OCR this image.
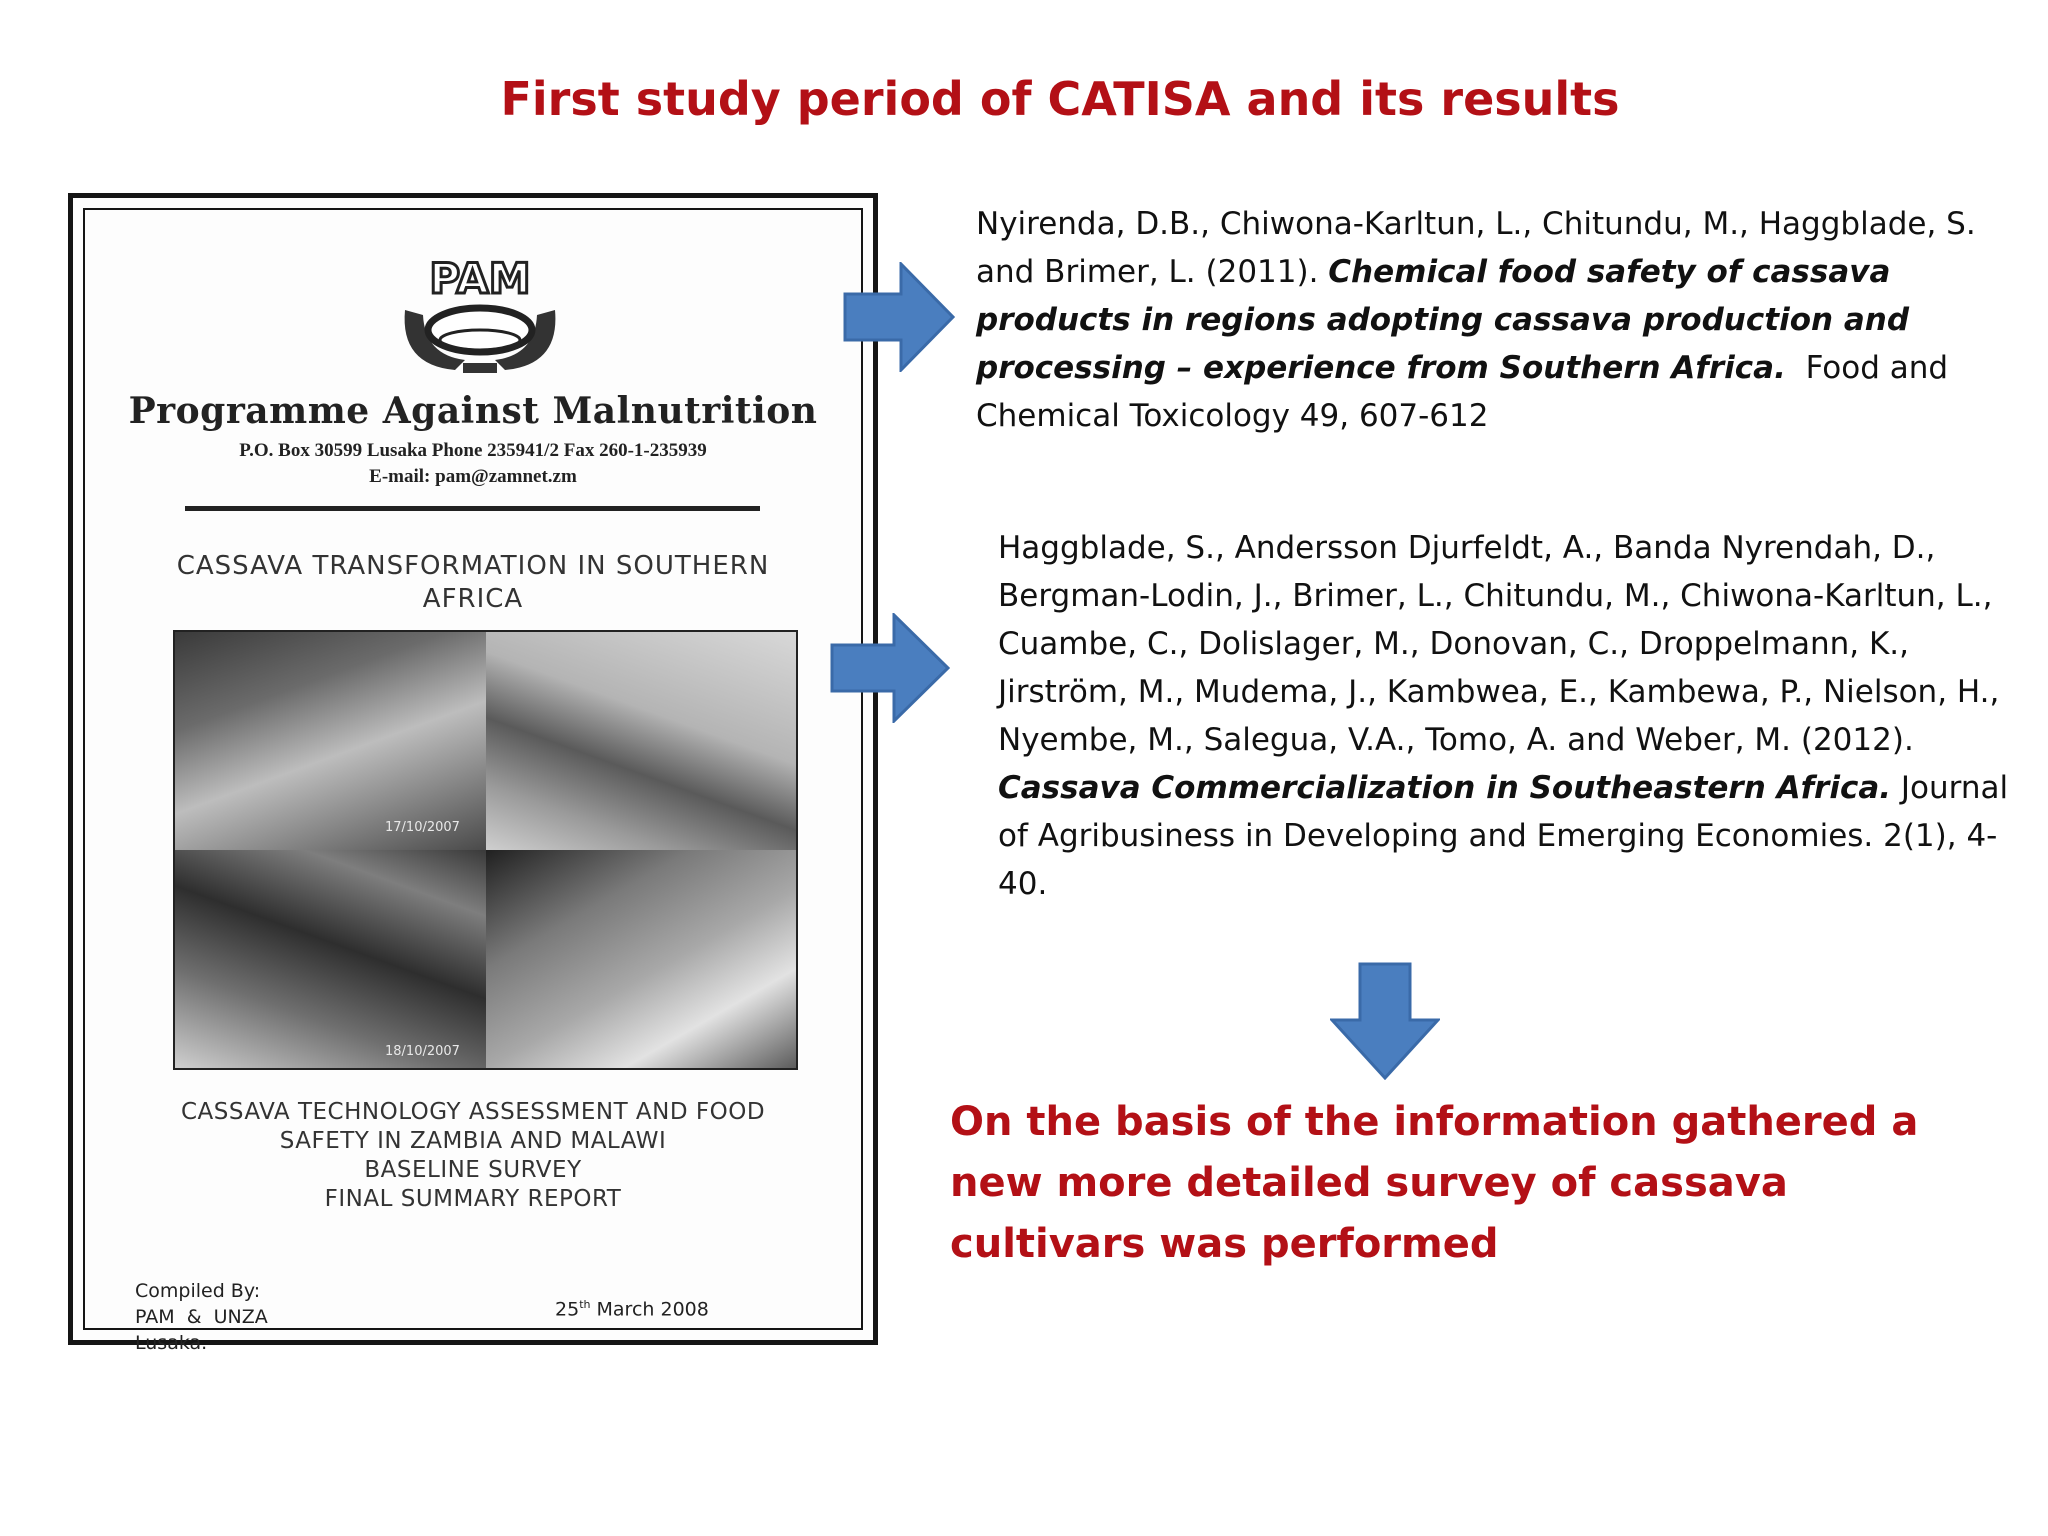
First study period of CATISA and its results
PAM
Programme Against Malnutrition
P.O. Box 30599 Lusaka Phone 235941/2 Fax 260-1-235939
E-mail: pam@zamnet.zm
CASSAVA TRANSFORMATION IN SOUTHERN
AFRICA
17/10/2007
18/10/2007
CASSAVA TECHNOLOGY ASSESSMENT AND FOOD
SAFETY IN ZAMBIA AND MALAWI
BASELINE SURVEY
FINAL SUMMARY REPORT
Compiled By:
PAM  &  UNZA
Lusaka.
25th March 2008
Nyirenda, D.B., Chiwona-Karltun, L., Chitundu, M., Haggblade, S. and Brimer, L. (2011). Chemical food safety of cassava products in regions adopting cassava production and processing – experience from Southern Africa.  Food and Chemical Toxicology 49, 607-612
Haggblade, S., Andersson Djurfeldt, A., Banda Nyrendah, D., Bergman-Lodin, J., Brimer, L., Chitundu, M., Chiwona-Karltun, L., Cuambe, C., Dolislager, M., Donovan, C., Droppelmann, K., Jirström, M., Mudema, J., Kambwea, E., Kambewa, P., Nielson, H., Nyembe, M., Salegua, V.A., Tomo, A. and Weber, M. (2012). Cassava Commercialization in Southeastern Africa. Journal of Agribusiness in Developing and Emerging Economies. 2(1), 4-40.
On the basis of the information gathered a new more detailed survey of cassava cultivars was performed
